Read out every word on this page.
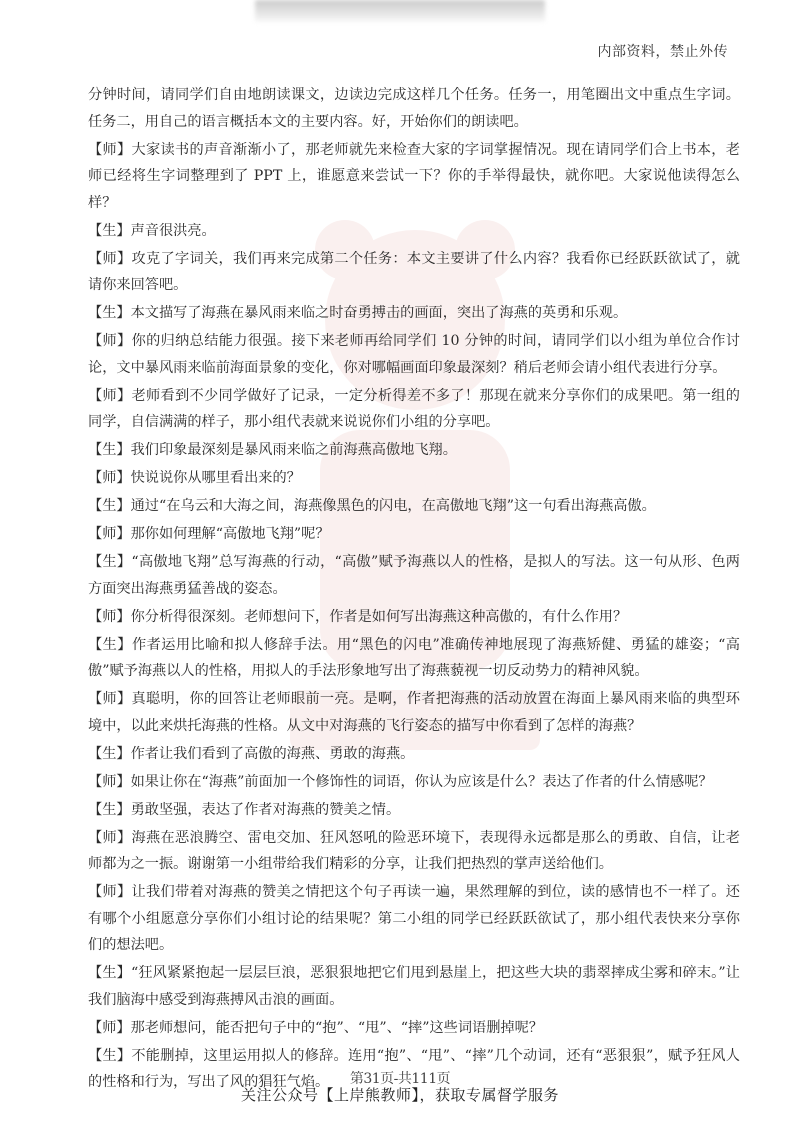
内部资料，禁止外传

分钟时间，请同学们自由地朗读课文，边读边完成这样几个任务。任务一，用笔圈出文中重点生字词。任务二，用自己的语言概括本文的主要内容。好，开始你们的朗读吧。

【师】大家读书的声音渐渐小了，那老师就先来检查大家的字词掌握情况。现在请同学们合上书本，老师已经将生字词整理到了 PPT 上，谁愿意来尝试一下？你的手举得最快，就你吧。大家说他读得怎么样？

【生】声音很洪亮。

【师】攻克了字词关，我们再来完成第二个任务：本文主要讲了什么内容？我看你已经跃跃欲试了，就请你来回答吧。

【生】本文描写了海燕在暴风雨来临之时奋勇搏击的画面，突出了海燕的英勇和乐观。

【师】你的归纳总结能力很强。接下来老师再给同学们 10 分钟的时间，请同学们以小组为单位合作讨论，文中暴风雨来临前海面景象的变化，你对哪幅画面印象最深刻？稍后老师会请小组代表进行分享。

【师】老师看到不少同学做好了记录，一定分析得差不多了！那现在就来分享你们的成果吧。第一组的同学，自信满满的样子，那小组代表就来说说你们小组的分享吧。

【生】我们印象最深刻是暴风雨来临之前海燕高傲地飞翔。

【师】快说说你从哪里看出来的？

【生】通过“在乌云和大海之间，海燕像黑色的闪电，在高傲地飞翔”这一句看出海燕高傲。

【师】那你如何理解“高傲地飞翔”呢？

【生】“高傲地飞翔”总写海燕的行动，“高傲”赋予海燕以人的性格，是拟人的写法。这一句从形、色两方面突出海燕勇猛善战的姿态。

【师】你分析得很深刻。老师想问下，作者是如何写出海燕这种高傲的，有什么作用？

【生】作者运用比喻和拟人修辞手法。用“黑色的闪电”准确传神地展现了海燕矫健、勇猛的雄姿；“高傲”赋予海燕以人的性格，用拟人的手法形象地写出了海燕藐视一切反动势力的精神风貌。

【师】真聪明，你的回答让老师眼前一亮。是啊，作者把海燕的活动放置在海面上暴风雨来临的典型环境中，以此来烘托海燕的性格。从文中对海燕的飞行姿态的描写中你看到了怎样的海燕？

【生】作者让我们看到了高傲的海燕、勇敢的海燕。

【师】如果让你在“海燕”前面加一个修饰性的词语，你认为应该是什么？表达了作者的什么情感呢？

【生】勇敢坚强，表达了作者对海燕的赞美之情。

【师】海燕在恶浪腾空、雷电交加、狂风怒吼的险恶环境下，表现得永远都是那么的勇敢、自信，让老师都为之一振。谢谢第一小组带给我们精彩的分享，让我们把热烈的掌声送给他们。

【师】让我们带着对海燕的赞美之情把这个句子再读一遍，果然理解的到位，读的感情也不一样了。还有哪个小组愿意分享你们小组讨论的结果呢？第二小组的同学已经跃跃欲试了，那小组代表快来分享你们的想法吧。

【生】“狂风紧紧抱起一层层巨浪，恶狠狠地把它们甩到悬崖上，把这些大块的翡翠摔成尘雾和碎末。”让我们脑海中感受到海燕搏风击浪的画面。

【师】那老师想问，能否把句子中的“抱”、“甩”、“摔”这些词语删掉呢？

【生】不能删掉，这里运用拟人的修辞。连用“抱”、“甩”、“摔”几个动词，还有“恶狠狠”，赋予狂风人的性格和行为，写出了风的猖狂气焰。	第31页-共111页
关注公众号【上岸熊教师】，获取专属督学服务
